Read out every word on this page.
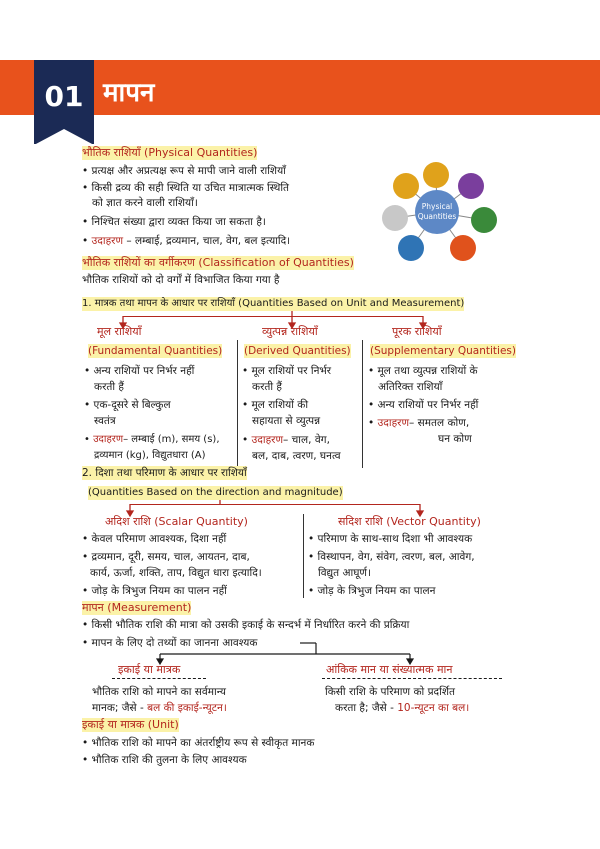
01 मापन
भौतिक राशियाँ (Physical Quantities)
• प्रत्यक्ष और अप्रत्यक्ष रूप से मापी जाने वाली राशियाँ
• किसी द्रव्य की सही स्थिति या उचित मात्रात्मक स्थिति
को ज्ञात करने वाली राशियाँ।
• निश्चित संख्या द्वारा व्यक्त किया जा सकता है।
• उदाहरण – लम्बाई, द्रव्यमान, चाल, वेग, बल इत्यादि।
Physical
Quantities
भौतिक राशियों का वर्गीकरण (Classification of Quantities)
भौतिक राशियों को दो वर्गों में विभाजित किया गया है
1. मात्रक तथा मापन के आधार पर राशियाँ (Quantities Based on Unit and Measurement)
मूल राशियाँ
(Fundamental Quantities)
• अन्य राशियों पर निर्भर नहीं
करती हैं
• एक-दूसरे से बिल्कुल
स्वतंत्र
• उदाहरण– लम्बाई (m), समय (s),
द्रव्यमान (kg), विद्युतधारा (A)
व्युत्पन्न राशियाँ
(Derived Quantities)
• मूल राशियों पर निर्भर
करती हैं
• मूल राशियों की
सहायता से व्युत्पन्न
• उदाहरण– चाल, वेग,
बल, दाब, त्वरण, घनत्व
पूरक राशियाँ
(Supplementary Quantities)
• मूल तथा व्युत्पन्न राशियों के
अतिरिक्त राशियाँ
• अन्य राशियों पर निर्भर नहीं
• उदाहरण– समतल कोण,
घन कोण
2. दिशा तथा परिमाण के आधार पर राशियाँ
(Quantities Based on the direction and magnitude)
अदिश राशि (Scalar Quantity)
• केवल परिमाण आवश्यक, दिशा नहीं
• द्रव्यमान, दूरी, समय, चाल, आयतन, दाब,
कार्य, ऊर्जा, शक्ति, ताप, विद्युत धारा इत्यादि।
• जोड़ के त्रिभुज नियम का पालन नहीं
सदिश राशि (Vector Quantity)
• परिमाण के साथ-साथ दिशा भी आवश्यक
• विस्थापन, वेग, संवेग, त्वरण, बल, आवेग,
विद्युत आघूर्ण।
• जोड़ के त्रिभुज नियम का पालन
मापन (Measurement)
• किसी भौतिक राशि की मात्रा को उसकी इकाई के सन्दर्भ में निर्धारित करने की प्रक्रिया
• मापन के लिए दो तथ्यों का जानना आवश्यक
इकाई या मात्रक
भौतिक राशि को मापने का सर्वमान्य
मानक; जैसे - बल की इकाई-न्यूटन।
आंकिक मान या संख्यात्मक मान
किसी राशि के परिमाण को प्रदर्शित
करता है; जैसे - 10-न्यूटन का बल।
इकाई या मात्रक (Unit)
• भौतिक राशि को मापने का अंतर्राष्ट्रीय रूप से स्वीकृत मानक
• भौतिक राशि की तुलना के लिए आवश्यक
